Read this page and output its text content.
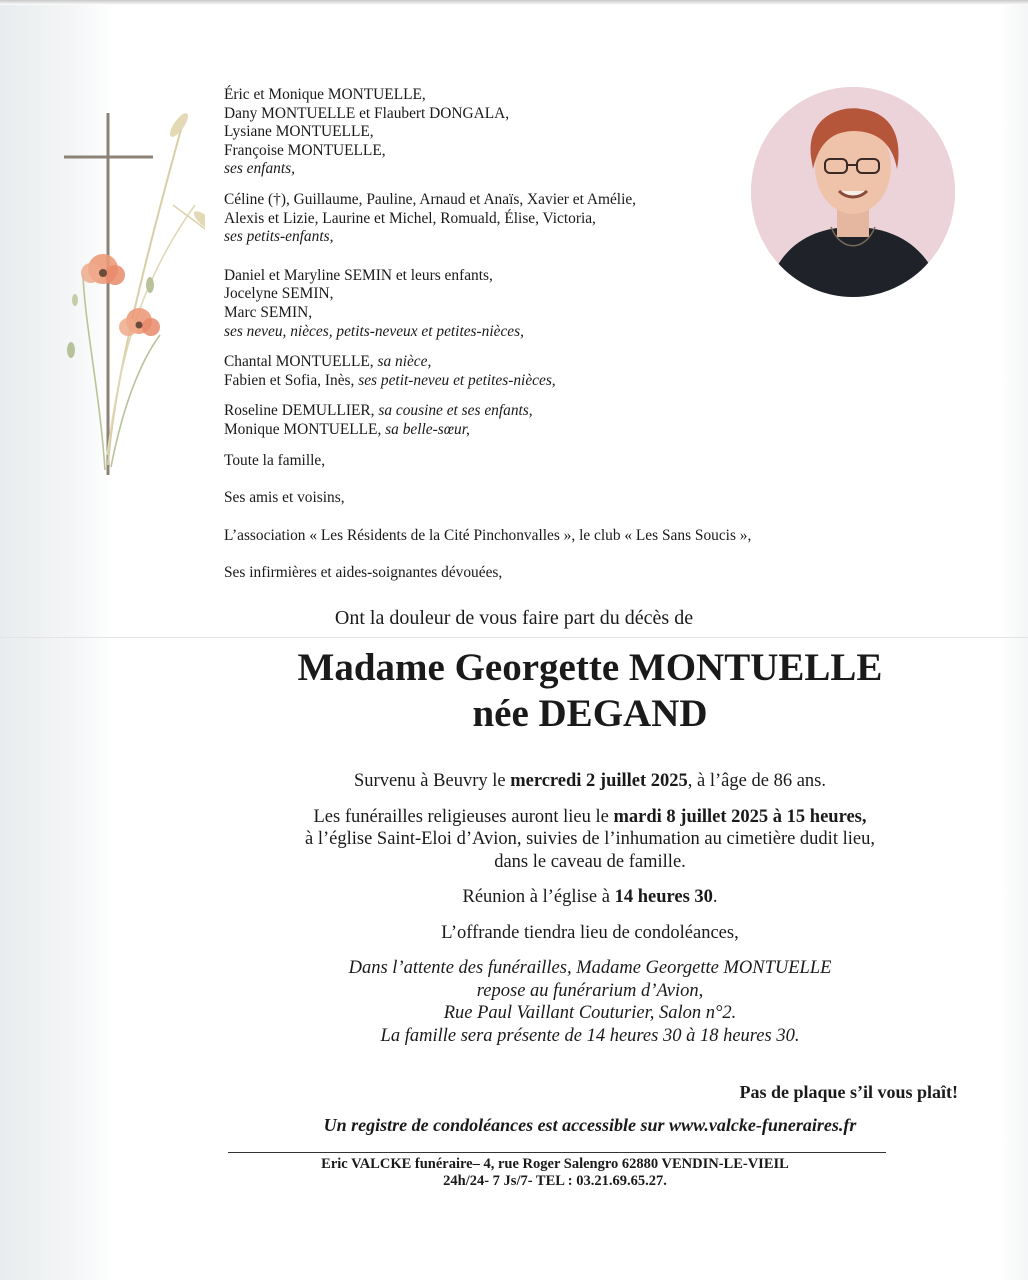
Éric et Monique MONTUELLE,

Dany MONTUELLE et Flaubert DONGALA,

Lysiane MONTUELLE,

Françoise MONTUELLE,

ses enfants,

Céline (†), Guillaume, Pauline, Arnaud et Anaïs, Xavier et Amélie,

Alexis et Lizie, Laurine et Michel, Romuald, Élise, Victoria,

ses petits-enfants,

Daniel et Maryline SEMIN et leurs enfants,

Jocelyne SEMIN,

Marc SEMIN,

ses neveu, nièces, petits-neveux et petites-nièces,

Chantal MONTUELLE, sa nièce,

Fabien et Sofia, Inès, ses petit-neveu et petites-nièces,

Roseline DEMULLIER, sa cousine et ses enfants,

Monique MONTUELLE, sa belle-sœur,

Toute la famille,

Ses amis et voisins,

L’association « Les Résidents de la Cité Pinchonvalles », le club « Les Sans Soucis »,

Ses infirmières et aides-soignantes dévouées,

Ont la douleur de vous faire part du décès de
Madame Georgette MONTUELLE
née DEGAND

Survenu à Beuvry le mercredi 2 juillet 2025, à l’âge de 86 ans.

Les funérailles religieuses auront lieu le mardi 8 juillet 2025 à 15 heures,
à l’église Saint-Eloi d’Avion, suivies de l’inhumation au cimetière dudit lieu,
dans le caveau de famille.

Réunion à l’église à 14 heures 30.

L’offrande tiendra lieu de condoléances,

Dans l’attente des funérailles, Madame Georgette MONTUELLE
repose au funérarium d’Avion,
Rue Paul Vaillant Couturier, Salon n°2.
La famille sera présente de 14 heures 30 à 18 heures 30.

Pas de plaque s’il vous plaît!
Un registre de condoléances est accessible sur www.valcke-funeraires.fr
Eric VALCKE funéraire– 4, rue Roger Salengro 62880 VENDIN-LE-VIEIL
24h/24- 7 Js/7- TEL : 03.21.69.65.27.
